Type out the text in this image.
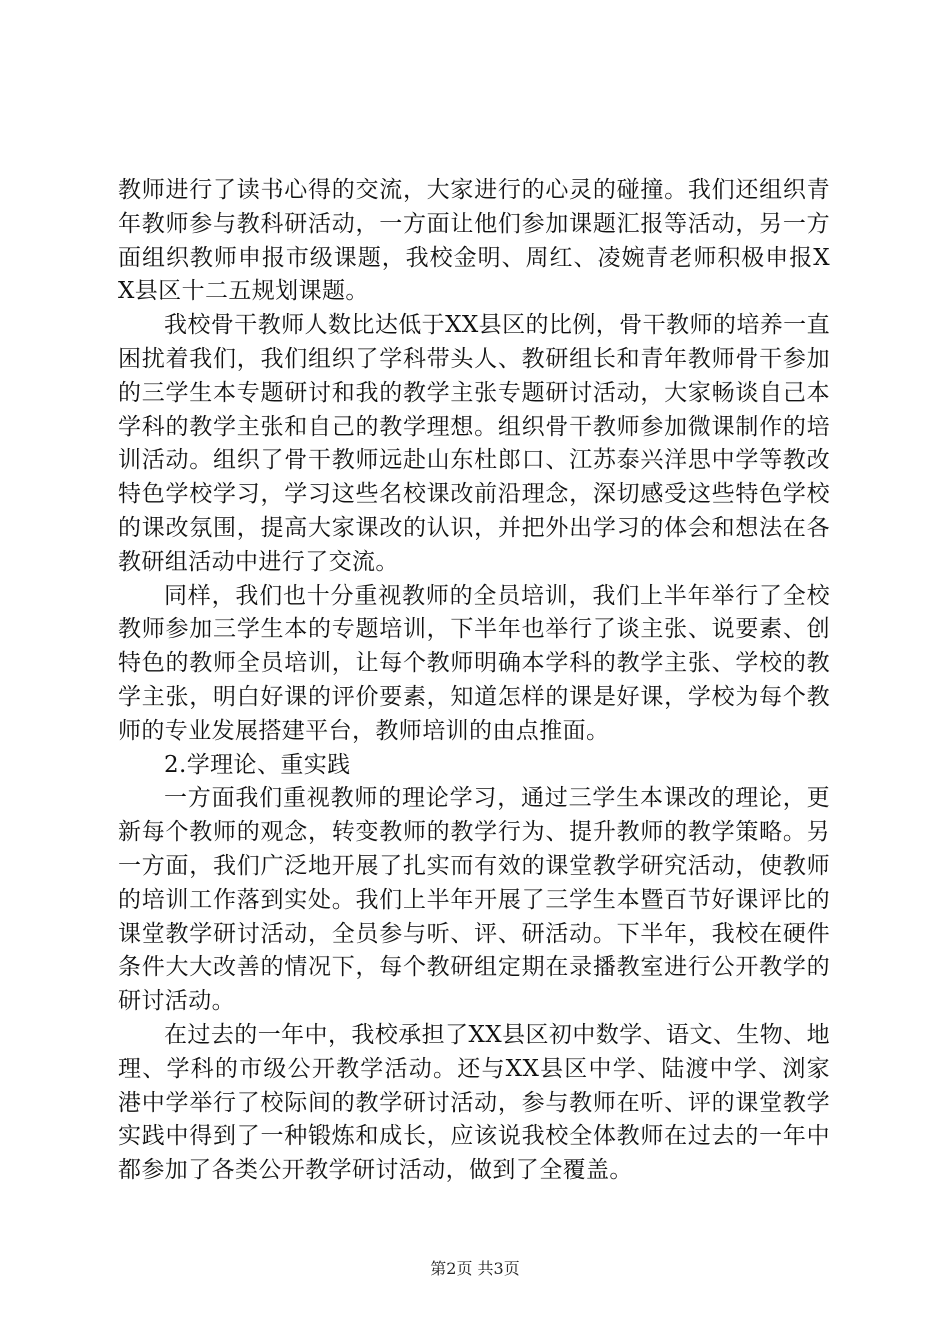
教师进行了读书心得的交流，大家进行的心灵的碰撞。我们还组织青年教师参与教科研活动，一方面让他们参加课题汇报等活动，另一方面组织教师申报市级课题，我校金明、周红、凌婉青老师积极申报XX县区十二五规划课题。

我校骨干教师人数比达低于XX县区的比例，骨干教师的培养一直困扰着我们，我们组织了学科带头人、教研组长和青年教师骨干参加的三学生本专题研讨和我的教学主张专题研讨活动，大家畅谈自己本学科的教学主张和自己的教学理想。组织骨干教师参加微课制作的培训活动。组织了骨干教师远赴山东杜郎口、江苏泰兴洋思中学等教改特色学校学习，学习这些名校课改前沿理念，深切感受这些特色学校的课改氛围，提高大家课改的认识，并把外出学习的体会和想法在各教研组活动中进行了交流。

同样，我们也十分重视教师的全员培训，我们上半年举行了全校教师参加三学生本的专题培训，下半年也举行了谈主张、说要素、创特色的教师全员培训，让每个教师明确本学科的教学主张、学校的教学主张，明白好课的评价要素，知道怎样的课是好课，学校为每个教师的专业发展搭建平台，教师培训的由点推面。

2.学理论、重实践

一方面我们重视教师的理论学习，通过三学生本课改的理论，更新每个教师的观念，转变教师的教学行为、提升教师的教学策略。另一方面，我们广泛地开展了扎实而有效的课堂教学研究活动，使教师的培训工作落到实处。我们上半年开展了三学生本暨百节好课评比的课堂教学研讨活动，全员参与听、评、研活动。下半年，我校在硬件条件大大改善的情况下，每个教研组定期在录播教室进行公开教学的研讨活动。

在过去的一年中，我校承担了XX县区初中数学、语文、生物、地理、学科的市级公开教学活动。还与XX县区中学、陆渡中学、浏家港中学举行了校际间的教学研讨活动，参与教师在听、评的课堂教学实践中得到了一种锻炼和成长，应该说我校全体教师在过去的一年中都参加了各类公开教学研讨活动，做到了全覆盖。

第2页 共3页
